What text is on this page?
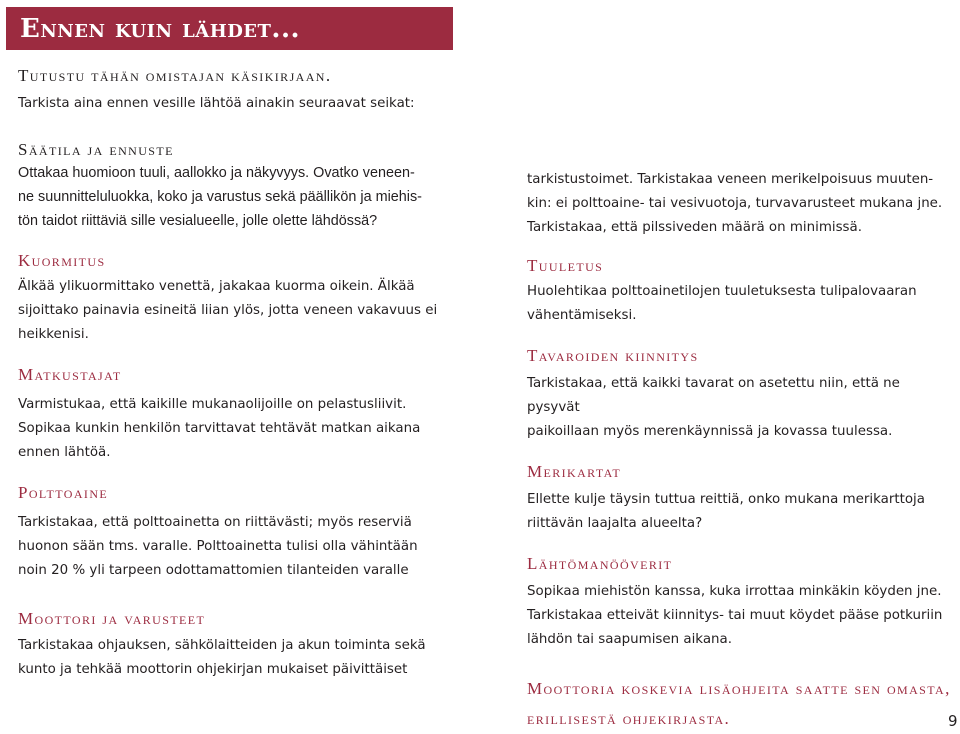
Ennen kuin lähdet...

Tutustu tähän omistajan käsikirjaan.

Tarkista aina ennen vesille lähtöä ainakin seuraavat seikat:

Säätila ja ennuste

Ottakaa huomioon tuuli, aallokko ja näkyvyys. Ovatko veneen-
ne suunnitteluluokka, koko ja varustus sekä päällikön ja miehis-
tön taidot riittäviä sille vesialueelle, jolle olette lähdössä?

Kuormitus

Älkää ylikuormittako venettä, jakakaa kuorma oikein. Älkää
sijoittako painavia esineitä liian ylös, jotta veneen vakavuus ei
heikkenisi.

Matkustajat

Varmistukaa, että kaikille mukanaolijoille on pelastusliivit.
Sopikaa kunkin henkilön tarvittavat tehtävät matkan aikana
ennen lähtöä.

Polttoaine

Tarkistakaa, että polttoainetta on riittävästi; myös reserviä
huonon sään tms. varalle. Polttoainetta tulisi olla vähintään
noin 20 % yli tarpeen odottamattomien tilanteiden varalle

Moottori ja varusteet

Tarkistakaa ohjauksen, sähkölaitteiden ja akun toiminta sekä
kunto ja tehkää moottorin ohjekirjan mukaiset päivittäiset

tarkistustoimet. Tarkistakaa veneen merikelpoisuus muuten-
kin: ei polttoaine- tai vesivuotoja, turvavarusteet mukana jne.
Tarkistakaa, että pilssiveden määrä on minimissä.

Tuuletus

Huolehtikaa polttoainetilojen tuuletuksesta tulipalovaaran
vähentämiseksi.

Tavaroiden kiinnitys

Tarkistakaa, että kaikki tavarat on asetettu niin, että ne pysyvät
paikoillaan myös merenkäynnissä ja kovassa tuulessa.

Merikartat

Ellette kulje täysin tuttua reittiä, onko mukana merikarttoja
riittävän laajalta alueelta?

Lähtömanööverit

Sopikaa miehistön kanssa, kuka irrottaa minkäkin köyden jne.
Tarkistakaa etteivät kiinnitys- tai muut köydet pääse potkuriin
lähdön tai saapumisen aikana.

Moottoria koskevia lisäohjeita saatte sen omasta,
erillisestä ohjekirjasta.	9
